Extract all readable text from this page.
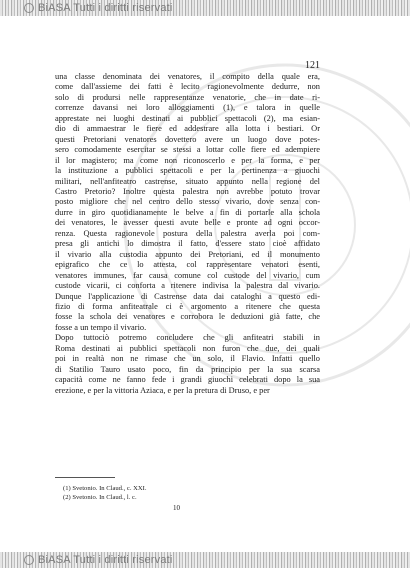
BiASA Tutti i diritti riservati
121
una classe denominata dei venatores, il compito della quale era,
come dall'assieme dei fatti è lecito ragionevolmente dedurre, non
solo di prodursi nelle rappresentanze venatorie, che in date ri-
correnze davansi nei loro alloggiamenti (1), e talora in quelle
apprestate nei luoghi destinati ai pubblici spettacoli (2), ma esian-
dio di ammaestrar le fiere ed addestrare alla lotta i bestiari. Or
questi Pretoriani venatores dovettero avere un luogo dove potes-
sero comodamente esercitar se stessi a lottar colle fiere ed adempiere
il lor magistero; ma come non riconoscerlo e per la forma, e per
la instituzione a pubblici spettacoli e per la pertinenza a giuochi
militari, nell'anfiteatro castrense, situato appunto nella regione del
Castro Pretorio? Inoltre questa palestra non avrebbe potuto trovar
posto migliore che nel centro dello stesso vivario, dove senza con-
durre in giro quotidianamente le belve a fin di portarle alla schola
dei venatores, le avesser questi avute belle e pronte ad ogni occor-
renza. Questa ragionevole postura della palestra averla poi com-
presa gli antichi lo dimostra il fatto, d'essere stato cioè affidato
il vivario alla custodia appunto dei Pretoriani, ed il monumento
epigrafico che ce lo attesta, col rappresentare venatori esenti,
venatores immunes, far causa comune col custode del vivario, cum
custode vicarii, ci conforta a ritenere indivisa la palestra dal vivario.
Dunque l'applicazione di Castrense data dai cataloghi a questo edi-
fizio di forma anfiteatrale ci è argomento a ritenere che questa
fosse la schola dei venatores e corrobora le deduzioni già fatte, che
fosse a un tempo il vivario.
Dopo tuttociò potremo concludere che gli anfiteatri stabili in
Roma destinati ai pubblici spettacoli non furon che due, dei quali
poi in realtà non ne rimase che un solo, il Flavio. Infatti quello
di Statilio Tauro usato poco, fin da principio per la sua scarsa
capacità come ne fanno fede i grandi giuochi celebrati dopo la sua
erezione, e per la vittoria Aziaca, e per la pretura di Druso, e per
(1) Svetonio. In Claud., c. XXI.
(2) Svetonio. In Claud., l. c.
10
BiASA Tutti i diritti riservati
